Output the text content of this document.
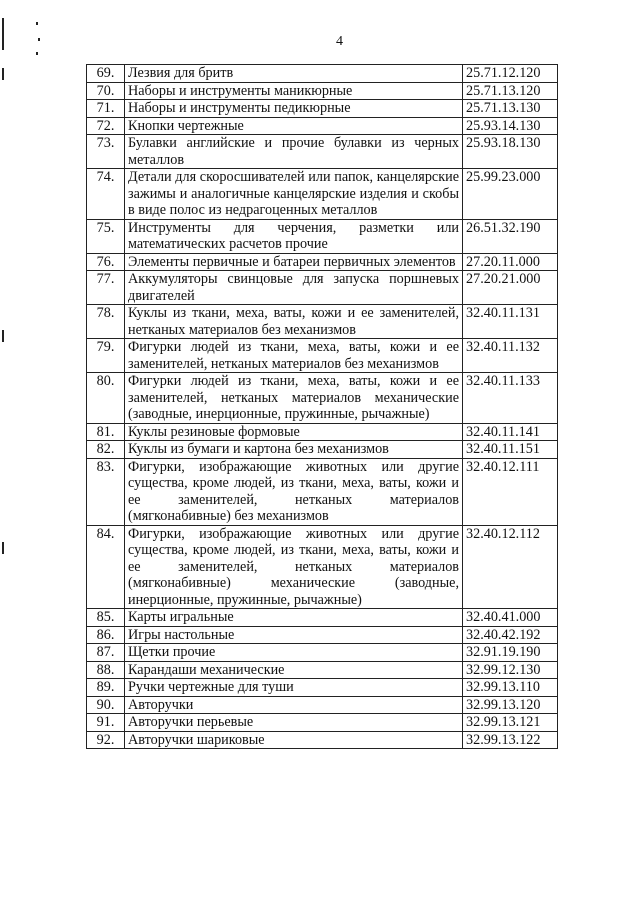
4
69.	Лезвия для бритв	25.71.12.120
70.	Наборы и инструменты маникюрные	25.71.13.120
71.	Наборы и инструменты педикюрные	25.71.13.130
72.	Кнопки чертежные	25.93.14.130
73.	Булавки английские и прочие булавки из черных металлов	25.93.18.130
74.	Детали для скоросшивателей или папок, канцелярские зажимы и аналогичные канцелярские изделия и скобы в виде полос из недрагоценных металлов	25.99.23.000
75.	Инструменты для черчения, разметки или математических расчетов прочие	26.51.32.190
76.	Элементы первичные и батареи первичных элементов	27.20.11.000
77.	Аккумуляторы свинцовые для запуска поршневых двигателей	27.20.21.000
78.	Куклы из ткани, меха, ваты, кожи и ее заменителей, нетканых материалов без механизмов	32.40.11.131
79.	Фигурки людей из ткани, меха, ваты, кожи и ее заменителей, нетканых материалов без механизмов	32.40.11.132
80.	Фигурки людей из ткани, меха, ваты, кожи и ее заменителей, нетканых материалов механические (заводные, инерционные, пружинные, рычажные)	32.40.11.133
81.	Куклы резиновые формовые	32.40.11.141
82.	Куклы из бумаги и картона без механизмов	32.40.11.151
83.	Фигурки, изображающие животных или другие существа, кроме людей, из ткани, меха, ваты, кожи и ее заменителей, нетканых материалов (мягконабивные) без механизмов	32.40.12.111
84.	Фигурки, изображающие животных или другие существа, кроме людей, из ткани, меха, ваты, кожи и ее заменителей, нетканых материалов (мягконабивные) механические (заводные, инерционные, пружинные, рычажные)	32.40.12.112
85.	Карты игральные	32.40.41.000
86.	Игры настольные	32.40.42.192
87.	Щетки прочие	32.91.19.190
88.	Карандаши механические	32.99.12.130
89.	Ручки чертежные для туши	32.99.13.110
90.	Авторучки	32.99.13.120
91.	Авторучки перьевые	32.99.13.121
92.	Авторучки шариковые	32.99.13.122
